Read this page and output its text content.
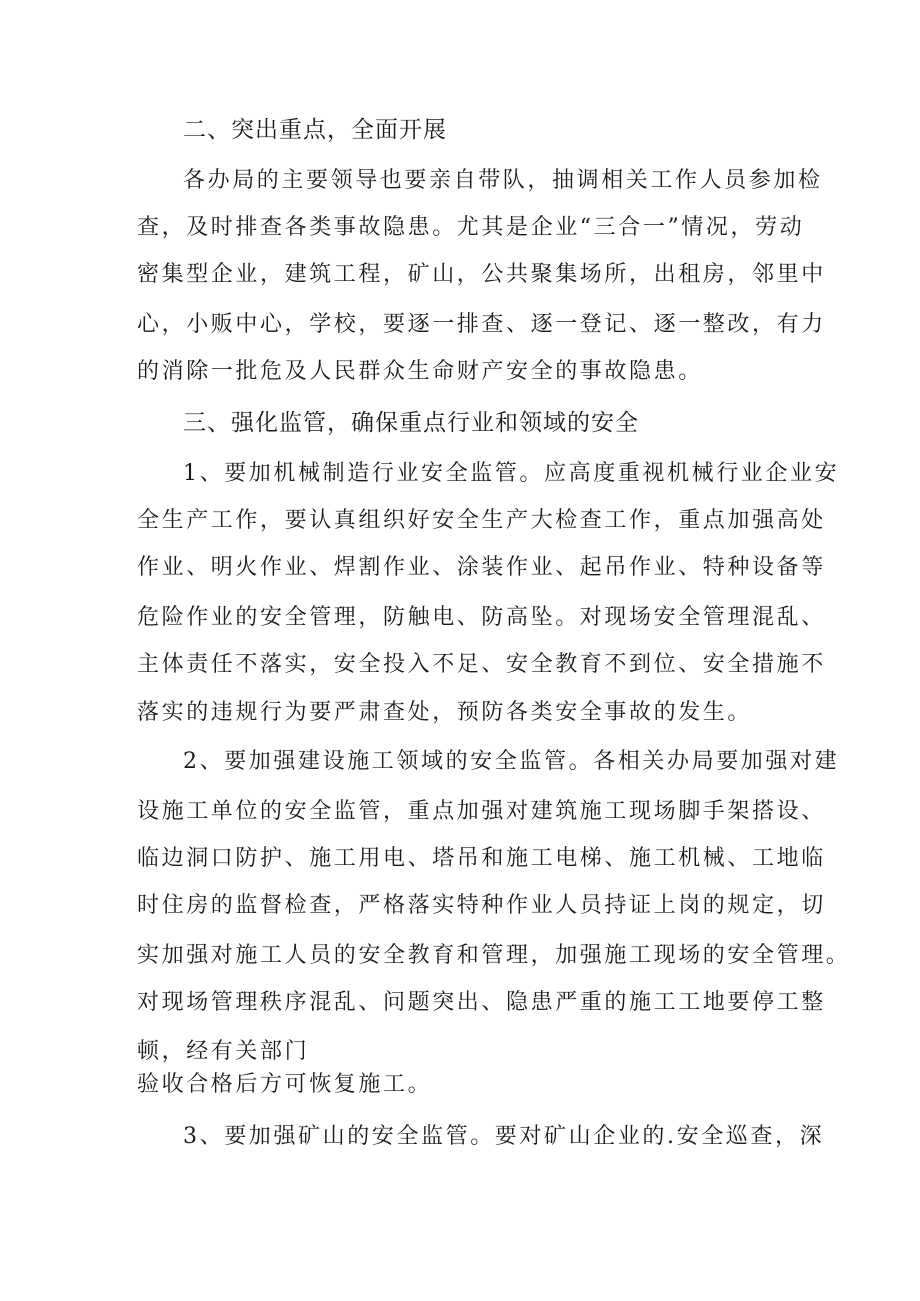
二、突出重点，全面开展
各办局的主要领导也要亲自带队，抽调相关工作人员参加检
查，及时排查各类事故隐患。尤其是企业“三合一”情况，劳动
密集型企业，建筑工程，矿山，公共聚集场所，出租房，邻里中
心，小贩中心，学校，要逐一排查、逐一登记、逐一整改，有力
的消除一批危及人民群众生命财产安全的事故隐患。
三、强化监管，确保重点行业和领域的安全
1、要加机械制造行业安全监管。应高度重视机械行业企业安
全生产工作，要认真组织好安全生产大检查工作，重点加强高处
作业、明火作业、焊割作业、涂装作业、起吊作业、特种设备等
危险作业的安全管理，防触电、防高坠。对现场安全管理混乱、
主体责任不落实，安全投入不足、安全教育不到位、安全措施不
落实的违规行为要严肃查处，预防各类安全事故的发生。
2、要加强建设施工领域的安全监管。各相关办局要加强对建
设施工单位的安全监管，重点加强对建筑施工现场脚手架搭设、
临边洞口防护、施工用电、塔吊和施工电梯、施工机械、工地临
时住房的监督检查，严格落实特种作业人员持证上岗的规定，切
实加强对施工人员的安全教育和管理，加强施工现场的安全管理。
对现场管理秩序混乱、问题突出、隐患严重的施工工地要停工整
顿，经有关部门
验收合格后方可恢复施工。
3、要加强矿山的安全监管。要对矿山企业的.安全巡查，深
